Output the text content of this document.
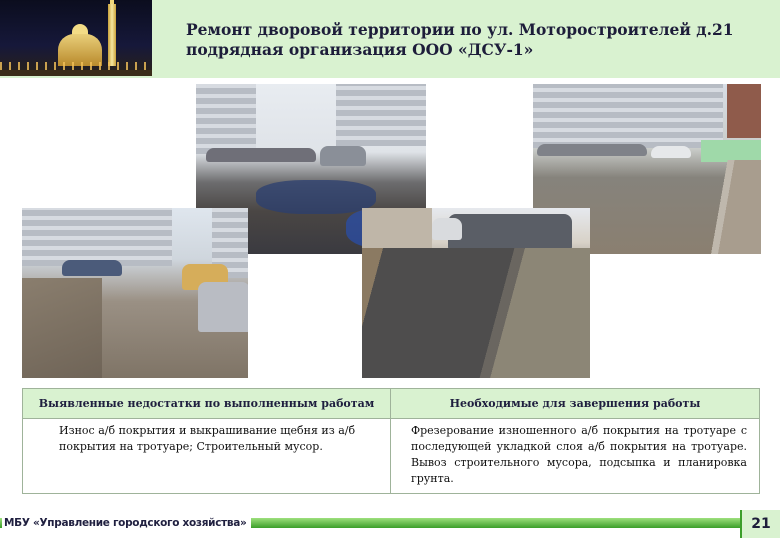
Ремонт дворовой территории по ул. Моторостроителей д.21
подрядная организация ООО «ДСУ-1»
Выявленные недостатки по выполненным работам	Необходимые для завершения работы
Износ а/б покрытия и выкрашивание щебня из а/б покрытия на тротуаре; Строительный мусор.
Фрезерование изношенного а/б покрытия на тротуаре с последующей укладкой слоя а/б покрытия на тротуаре. Вывоз строительного мусора, подсыпка и планировка грунта.
МБУ «Управление городского хозяйства»	21
